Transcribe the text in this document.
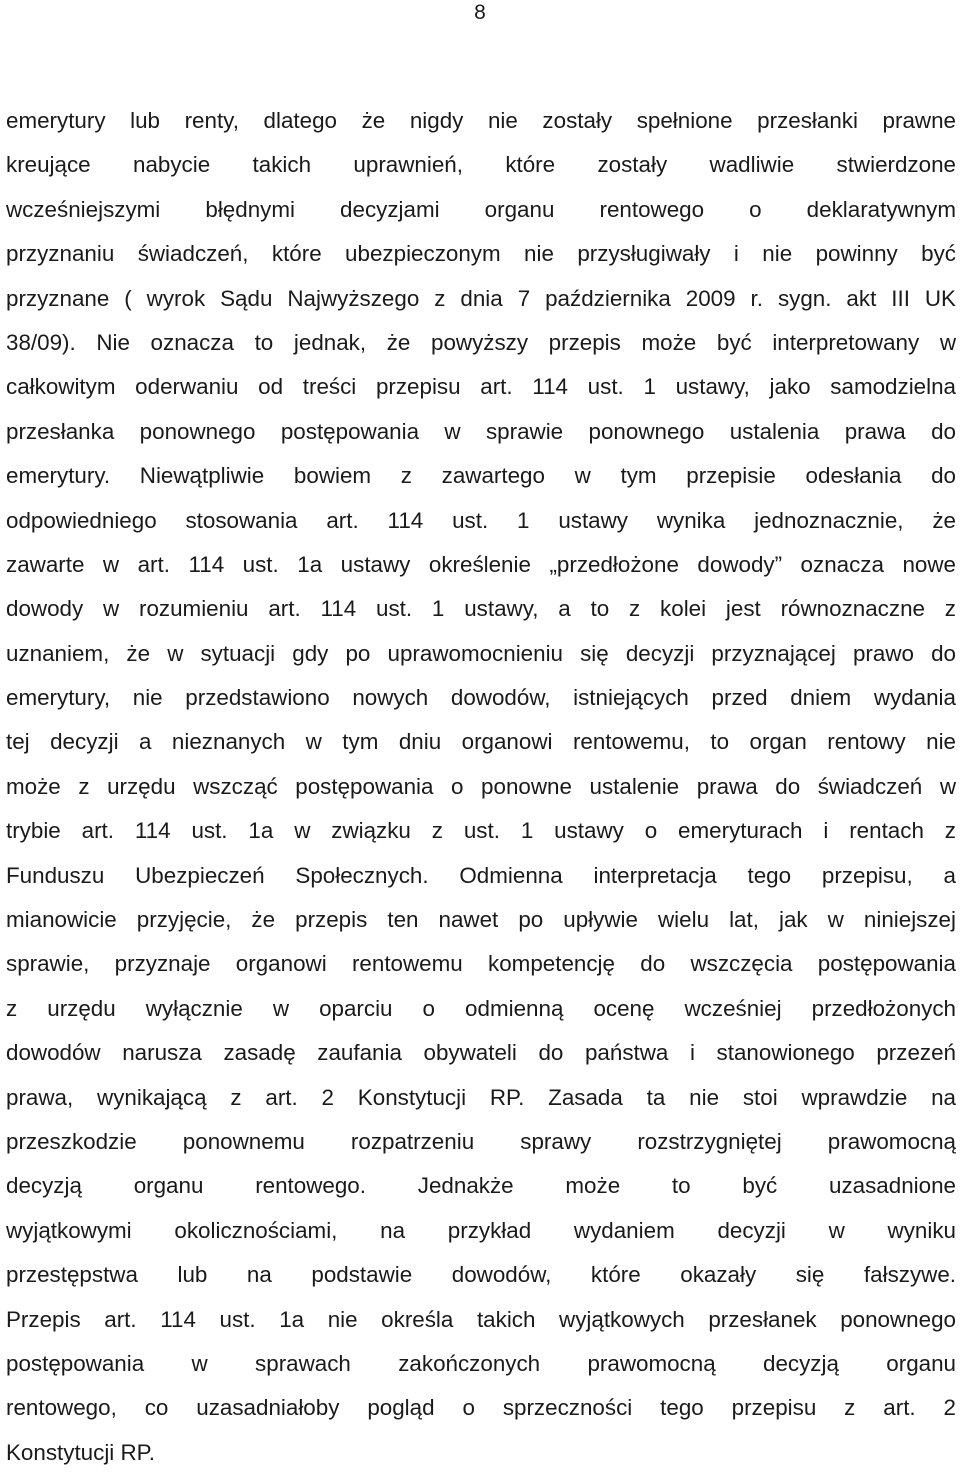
8
emerytury lub renty, dlatego że nigdy nie zostały spełnione przesłanki prawne
kreujące nabycie takich uprawnień, które zostały wadliwie stwierdzone
wcześniejszymi błędnymi decyzjami organu rentowego o deklaratywnym
przyznaniu świadczeń, które ubezpieczonym nie przysługiwały i nie powinny być
przyznane ( wyrok Sądu Najwyższego z dnia 7 października 2009 r. sygn. akt III UK
38/09). Nie oznacza to jednak, że powyższy przepis może być interpretowany w
całkowitym oderwaniu od treści przepisu art. 114 ust. 1 ustawy, jako samodzielna
przesłanka ponownego postępowania w sprawie ponownego ustalenia prawa do
emerytury. Niewątpliwie bowiem z zawartego w tym przepisie odesłania do
odpowiedniego stosowania art. 114 ust. 1 ustawy wynika jednoznacznie, że
zawarte w art. 114 ust. 1a ustawy określenie „przedłożone dowody” oznacza nowe
dowody w rozumieniu art. 114 ust. 1 ustawy, a to z kolei jest równoznaczne z
uznaniem, że w sytuacji gdy po uprawomocnieniu się decyzji przyznającej prawo do
emerytury, nie przedstawiono nowych dowodów, istniejących przed dniem wydania
tej decyzji a nieznanych w tym dniu organowi rentowemu, to organ rentowy nie
może z urzędu wszcząć postępowania o ponowne ustalenie prawa do świadczeń w
trybie art. 114 ust. 1a w związku z ust. 1 ustawy o emeryturach i rentach z
Funduszu Ubezpieczeń Społecznych. Odmienna interpretacja tego przepisu, a
mianowicie przyjęcie, że przepis ten nawet po upływie wielu lat, jak w niniejszej
sprawie, przyznaje organowi rentowemu kompetencję do wszczęcia postępowania
z urzędu wyłącznie w oparciu o odmienną ocenę wcześniej przedłożonych
dowodów narusza zasadę zaufania obywateli do państwa i stanowionego przezeń
prawa, wynikającą z art. 2 Konstytucji RP. Zasada ta nie stoi wprawdzie na
przeszkodzie ponownemu rozpatrzeniu sprawy rozstrzygniętej prawomocną
decyzją organu rentowego. Jednakże może to być uzasadnione
wyjątkowymi okolicznościami, na przykład wydaniem decyzji w wyniku
przestępstwa lub na podstawie dowodów, które okazały się fałszywe.
Przepis art. 114 ust. 1a nie określa takich wyjątkowych przesłanek ponownego
postępowania w sprawach zakończonych prawomocną decyzją organu
rentowego, co uzasadniałoby pogląd o sprzeczności tego przepisu z art. 2
Konstytucji RP.
